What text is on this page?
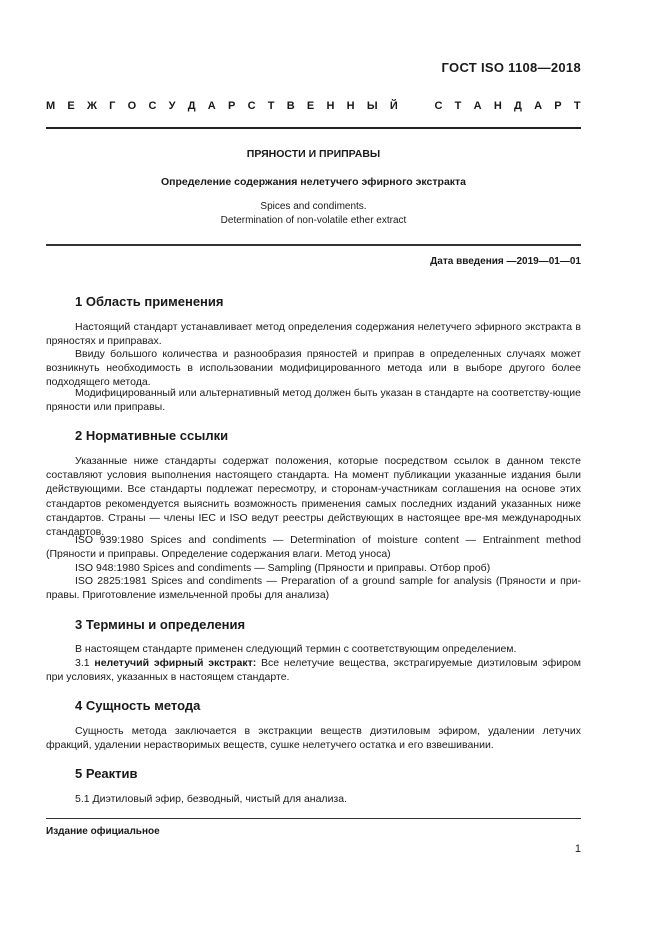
ГОСТ ISO 1108—2018
М Е Ж Г О С У Д А Р С Т В Е Н Н Ы Й	С Т А Н Д А Р Т
ПРЯНОСТИ И ПРИПРАВЫ
Определение содержания нелетучего эфирного экстракта
Spices and condiments.
Determination of non-volatile ether extract
Дата введения —2019—01—01
1 Область применения

Настоящий стандарт устанавливает метод определения содержания нелетучего эфирного экстракта в пряностях и приправах.

Ввиду большого количества и разнообразия пряностей и приправ в определенных случаях может возникнуть необходимость в использовании модифицированного метода или в выборе другого более подходящего метода.

Модифицированный или альтернативный метод должен быть указан в стандарте на соответству-ющие пряности или приправы.

2 Нормативные ссылки

Указанные ниже стандарты содержат положения, которые посредством ссылок в данном тексте составляют условия выполнения настоящего стандарта. На момент публикации указанные издания были действующими. Все стандарты подлежат пересмотру, и сторонам-участникам соглашения на основе этих стандартов рекомендуется выяснить возможность применения самых последних изданий указанных ниже стандартов. Страны — члены IEC и ISO ведут реестры действующих в настоящее вре-мя международных стандартов.

ISO 939:1980 Spices and condiments — Determination of moisture content — Entrainment method (Пряности и приправы. Определение содержания влаги. Метод уноса)

ISO 948:1980 Spices and condiments — Sampling (Пряности и приправы. Отбор проб)

ISO 2825:1981 Spices and condiments — Preparation of a ground sample for analysis (Пряности и при-правы. Приготовление измельченной пробы для анализа)

3 Термины и определения

В настоящем стандарте применен следующий термин с соответствующим определением.

3.1 нелетучий эфирный экстракт: Все нелетучие вещества, экстрагируемые диэтиловым эфиром при условиях, указанных в настоящем стандарте.

4 Сущность метода

Сущность метода заключается в экстракции веществ диэтиловым эфиром, удалении летучих фракций, удалении нерастворимых веществ, сушке нелетучего остатка и его взвешивании.

5 Реактив

5.1 Диэтиловый эфир, безводный, чистый для анализа.

Издание официальное
1
